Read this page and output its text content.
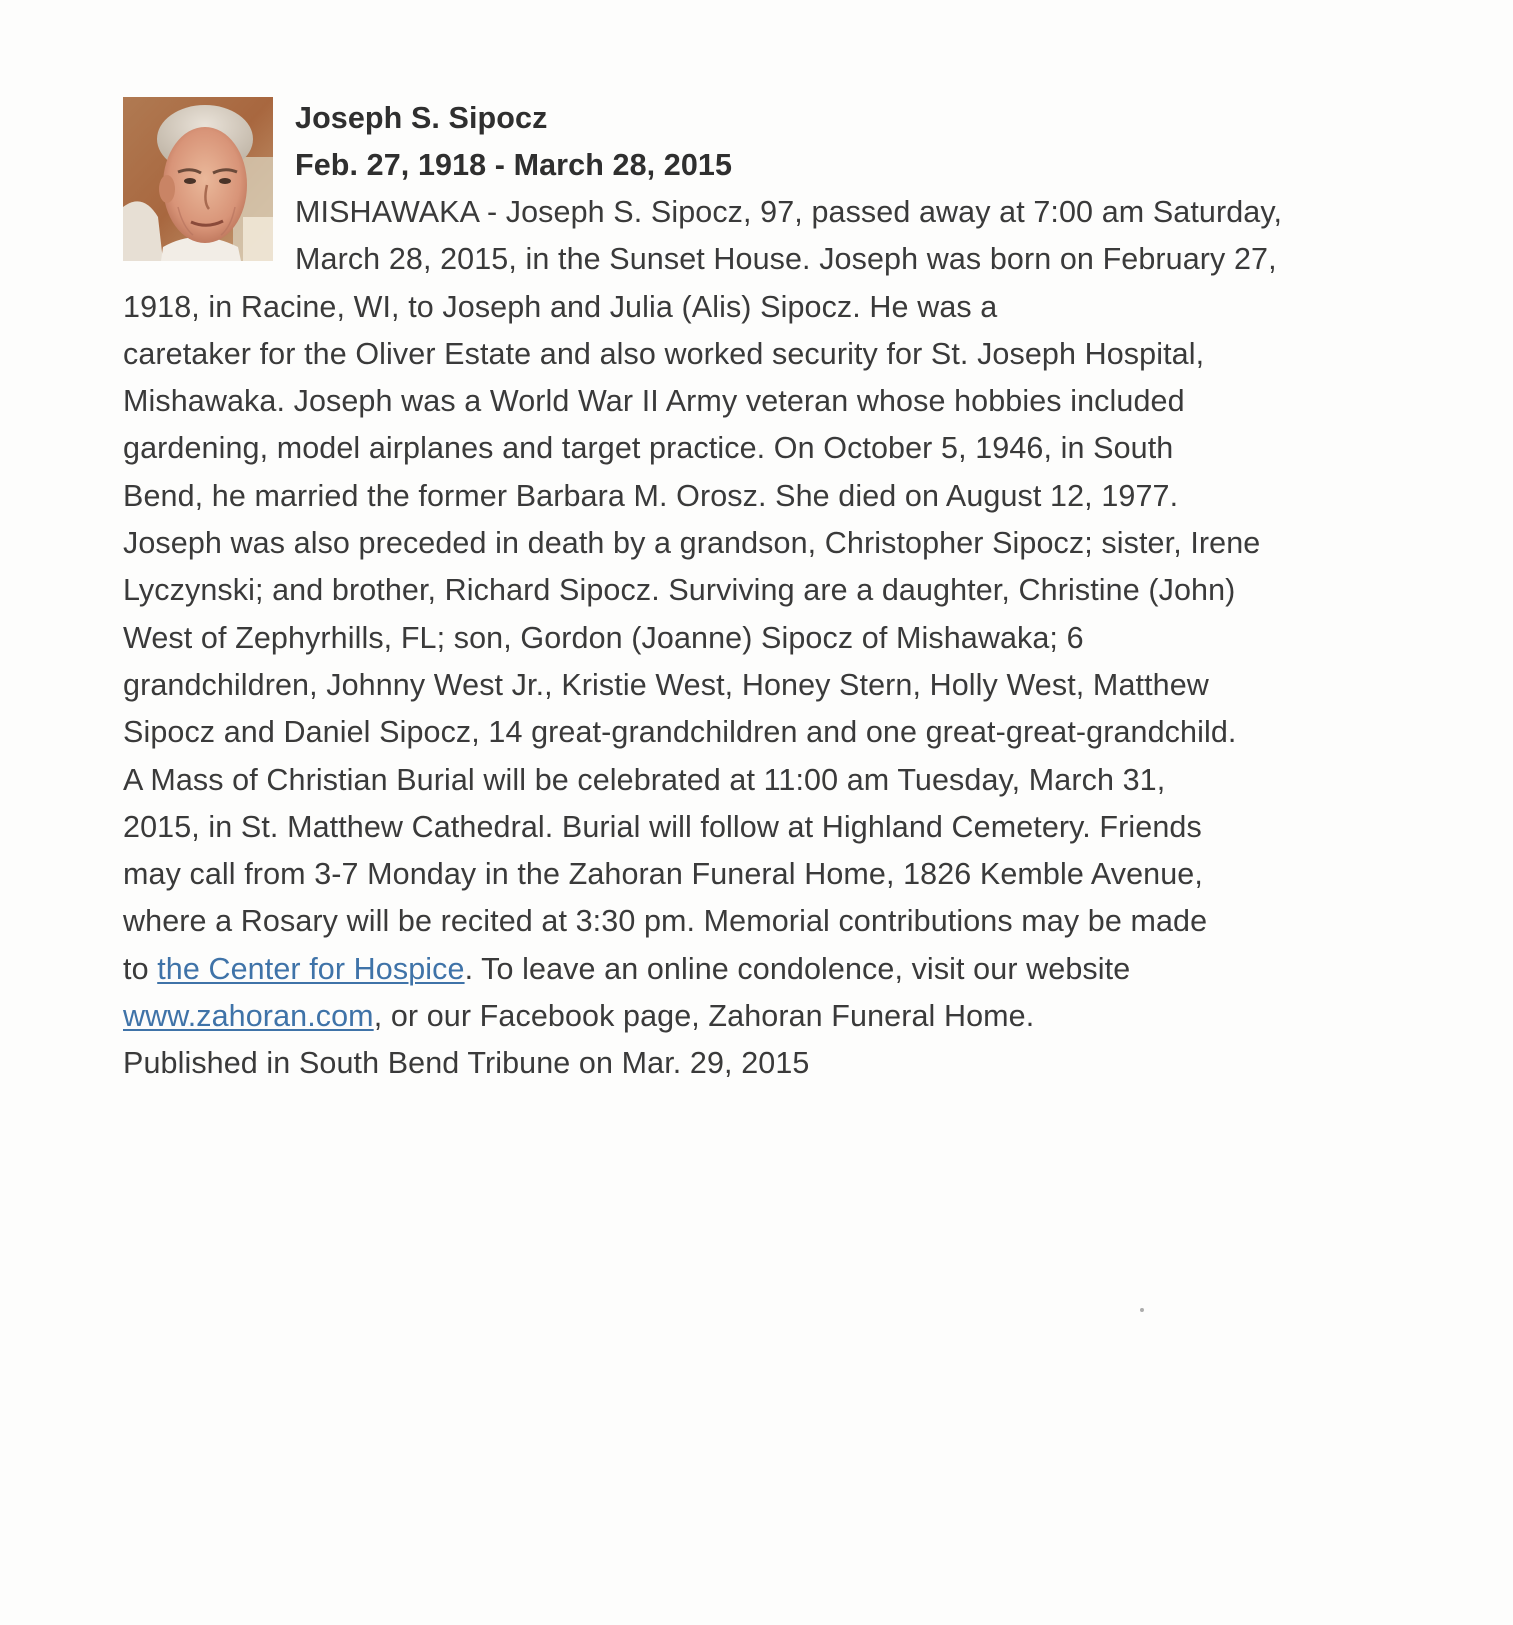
Joseph S. Sipocz
Feb. 27, 1918 - March 28, 2015
MISHAWAKA - Joseph S. Sipocz, 97, passed away at 7:00 am Saturday,
March 28, 2015, in the Sunset House. Joseph was born on February 27,
1918, in Racine, WI, to Joseph and Julia (Alis) Sipocz. He was a
caretaker for the Oliver Estate and also worked security for St. Joseph Hospital,
Mishawaka. Joseph was a World War II Army veteran whose hobbies included
gardening, model airplanes and target practice. On October 5, 1946, in South
Bend, he married the former Barbara M. Orosz. She died on August 12, 1977.
Joseph was also preceded in death by a grandson, Christopher Sipocz; sister, Irene
Lyczynski; and brother, Richard Sipocz. Surviving are a daughter, Christine (John)
West of Zephyrhills, FL; son, Gordon (Joanne) Sipocz of Mishawaka; 6
grandchildren, Johnny West Jr., Kristie West, Honey Stern, Holly West, Matthew
Sipocz and Daniel Sipocz, 14 great-grandchildren and one great-great-grandchild.
A Mass of Christian Burial will be celebrated at 11:00 am Tuesday, March 31,
2015, in St. Matthew Cathedral. Burial will follow at Highland Cemetery. Friends
may call from 3-7 Monday in the Zahoran Funeral Home, 1826 Kemble Avenue,
where a Rosary will be recited at 3:30 pm. Memorial contributions may be made
to the Center for Hospice. To leave an online condolence, visit our website
www.zahoran.com, or our Facebook page, Zahoran Funeral Home.
Published in South Bend Tribune on Mar. 29, 2015
